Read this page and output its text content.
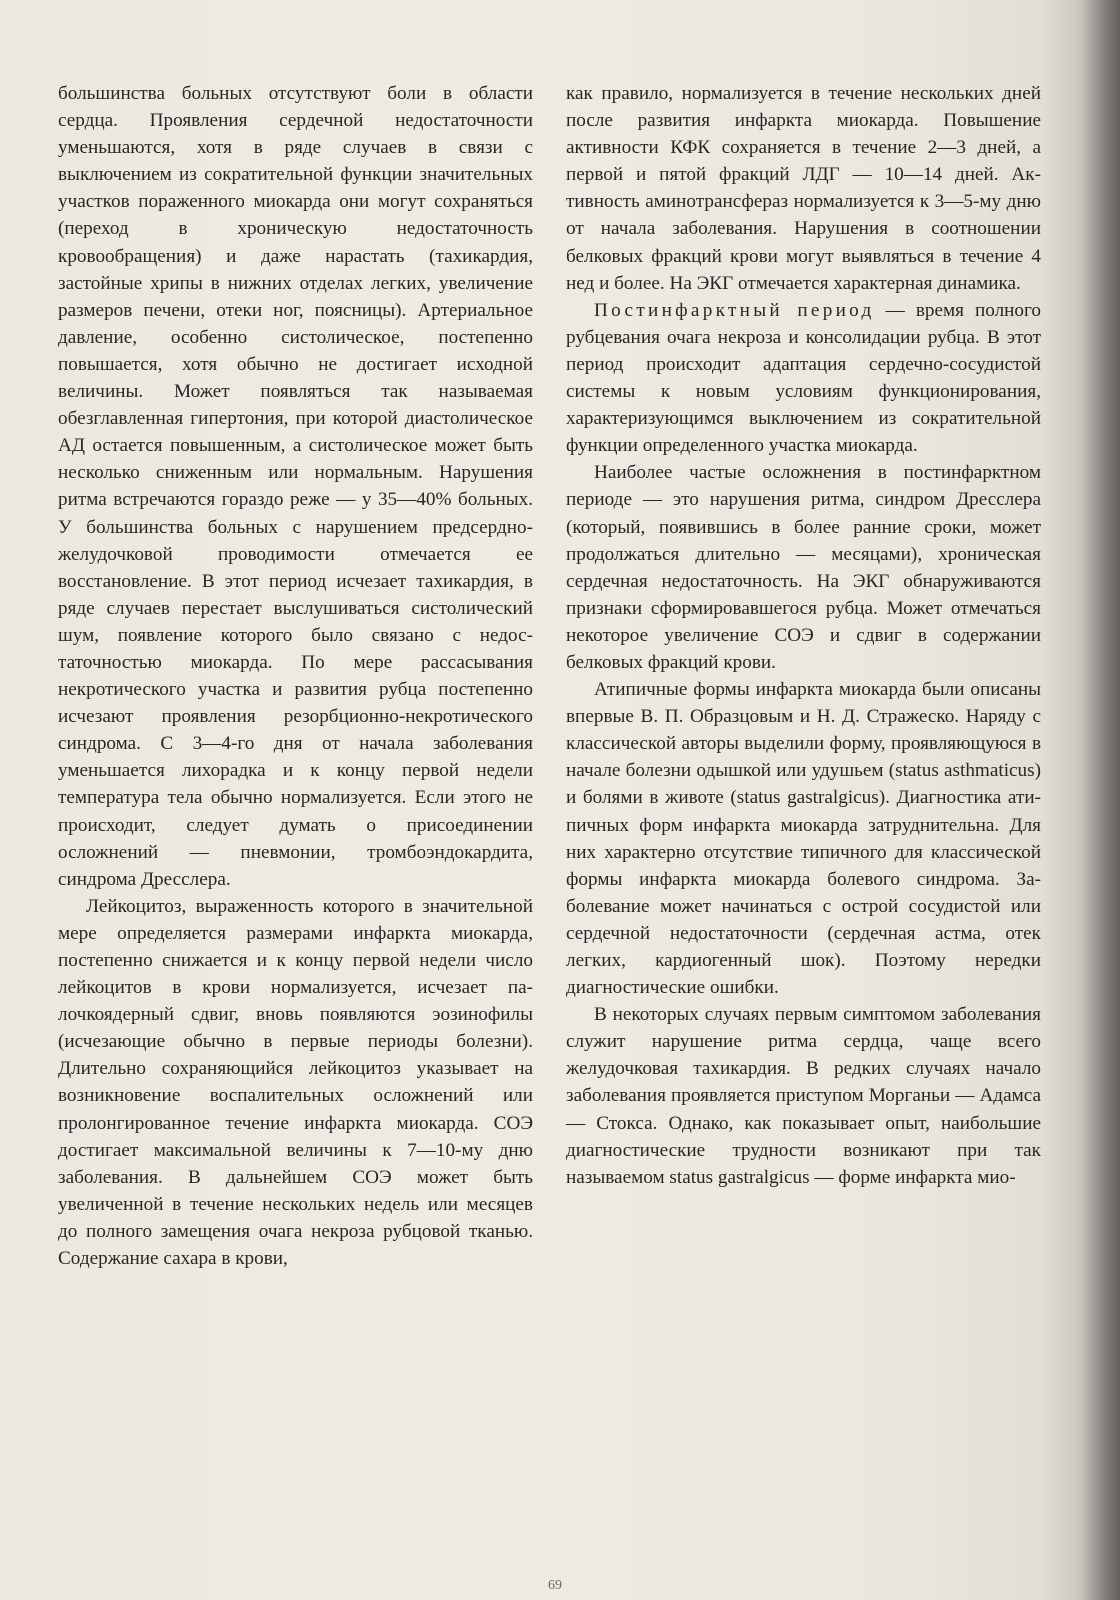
большинства больных отсутствуют боли в области сердца. Проявления сердечной недостаточности уменьшаются, хотя в ряде случаев в связи с выключением из сократительной функции значительных участков пораженного миокарда они могут сохраняться (переход в хроническую недостаточность кровообращения) и даже нарастать (тахикардия, застойные хрипы в нижних отделах легких, увеличение размеров печени, отеки ног, поясницы). Артериальное давление, особенно систолическое, постепенно повышается, хотя обычно не достигает исходной величины. Может появляться так называемая обезглавленная гипертония, при которой диастолическое АД остается повышенным, а систолическое может быть несколько сниженным или нормальным. Нарушения ритма встречаются гораздо реже — у 35—40% больных. У большинства больных с нарушением предсердно-желудочковой проводимости отмечается ее восстановление. В этот период исчезает тахикардия, в ряде случаев перестает выслушиваться систолический шум, появление которого было связано с недостаточностью миокарда. По мере рассасывания некротического участка и развития рубца постепенно исчезают проявления резорбционно-некротического синдрома. С 3—4-го дня от начала заболевания уменьшается лихорадка и к концу первой недели температура тела обычно нормализуется. Если этого не происходит, следует думать о присоединении осложнений — пневмонии, тромбоэндокардита, синдрома Дресслера.

Лейкоцитоз, выраженность которого в значительной мере определяется размерами инфаркта миокарда, постепенно снижается и к концу первой недели число лейкоцитов в крови нормализуется, исчезает палочкоядерный сдвиг, вновь появляются эозинофилы (исчезающие обычно в первые периоды болезни). Длительно сохраняющийся лейкоцитоз указывает на возникновение воспалительных осложнений или пролонгированное течение инфаркта миокарда. СОЭ достигает максимальной величины к 7—10-му дню заболевания. В дальнейшем СОЭ может быть увеличенной в течение нескольких недель или месяцев до полного замещения очага некроза рубцовой тканью. Содержание сахара в крови,

как правило, нормализуется в течение нескольких дней после развития инфаркта миокарда. Повышение активности КФК сохраняется в течение 2—3 дней, а первой и пятой фракций ЛДГ — 10—14 дней. Активность аминотрансфераз нормализуется к 3—5-му дню от начала заболевания. Нарушения в соотношении белковых фракций крови могут выявляться в течение 4 нед и более. На ЭКГ отмечается характерная динамика.

Постинфарктный период — время полного рубцевания очага некроза и консолидации рубца. В этот период происходит адаптация сердечно-сосудистой системы к новым условиям функционирования, характеризующимся выключением из сократительной функции определенного участка миокарда.

Наиболее частые осложнения в постинфарктном периоде — это нарушения ритма, синдром Дресслера (который, появившись в более ранние сроки, может продолжаться длительно — месяцами), хроническая сердечная недостаточность. На ЭКГ обнаруживаются признаки сформировавшегося рубца. Может отмечаться некоторое увеличение СОЭ и сдвиг в содержании белковых фракций крови.

Атипичные формы инфаркта миокарда были описаны впервые В. П. Образцовым и Н. Д. Стражеско. Наряду с классической авторы выделили форму, проявляющуюся в начале болезни одышкой или удушьем (status asthmaticus) и болями в животе (status gastralgicus). Диагностика атипичных форм инфаркта миокарда затруднительна. Для них характерно отсутствие типичного для классической формы инфаркта миокарда болевого синдрома. Заболевание может начинаться с острой сосудистой или сердечной недостаточности (сердечная астма, отек легких, кардиогенный шок). Поэтому нередки диагностические ошибки.

В некоторых случаях первым симптомом заболевания служит нарушение ритма сердца, чаще всего желудочковая тахикардия. В редких случаях начало заболевания проявляется приступом Морганьи — Адамса — Стокса. Однако, как показывает опыт, наибольшие диагностические трудности возникают при так называемом status gastralgicus — форме инфаркта мио-

69
